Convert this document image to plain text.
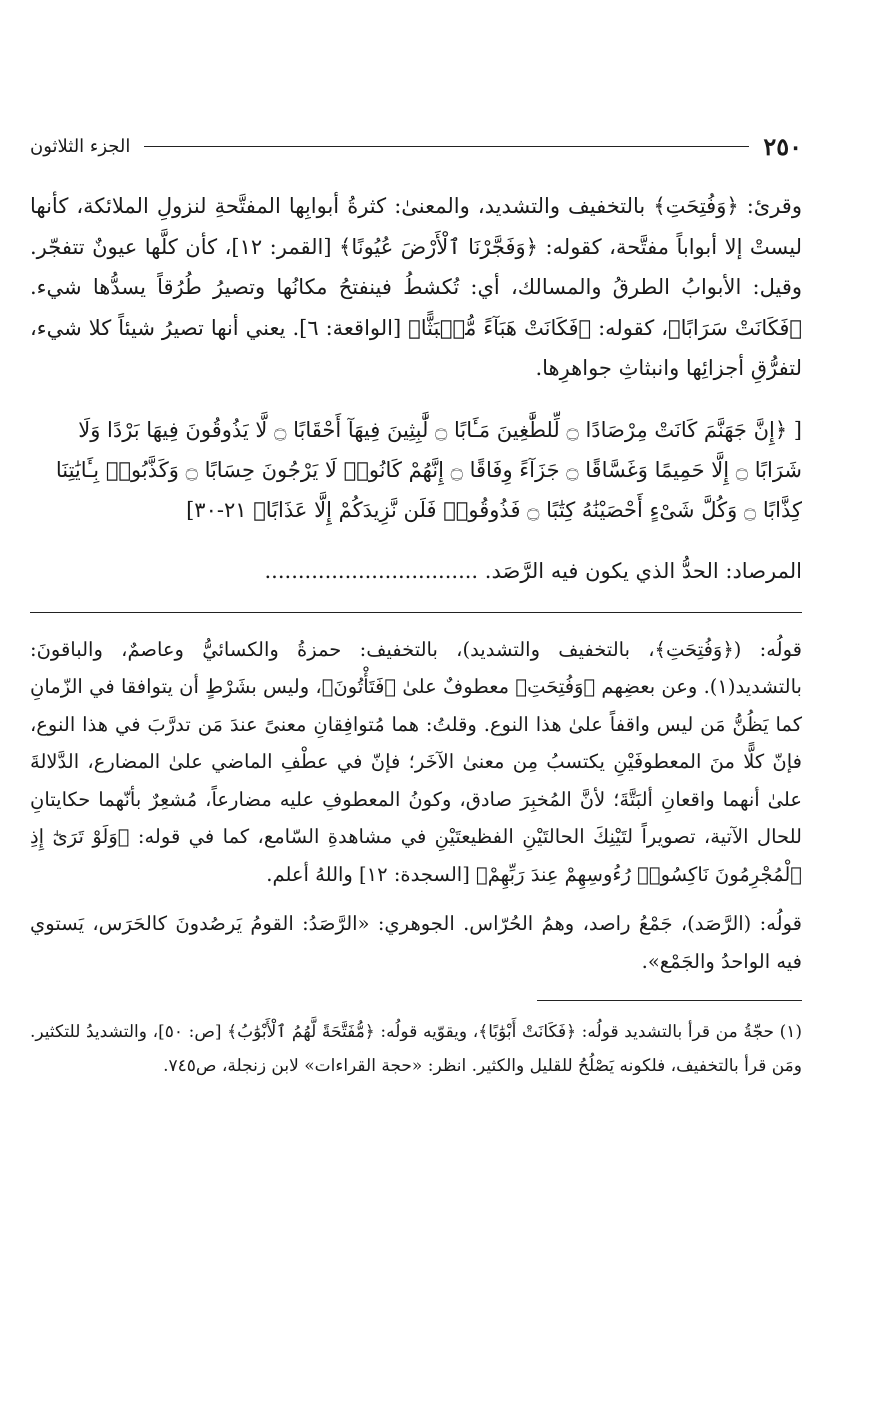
٢٥٠
الجزء الثلاثون

وقرئ: ﴿وَفُتِحَتِ﴾ بالتخفيف والتشديد، والمعنىٰ: كثرةُ أبوابِها المفتَّحةِ لنزولِ الملائكة، كأنها ليستْ إلا أبواباً مفتَّحة، كقوله: ﴿وَفَجَّرْنَا ٱلْأَرْضَ عُيُونًا﴾ [القمر: ١٢]، كأن كلَّها عيونٌ تتفجّر. وقيل: الأبوابُ الطرقُ والمسالك، أي: تُكشطُ فينفتحُ مكانُها وتصيرُ طُرُقاً يسدُّها شيء. ﴿فَكَانَتْ سَرَابًا﴾، كقوله: ﴿فَكَانَتْ هَبَآءً مُّنۢبَثًّا﴾ [الواقعة: ٦]. يعني أنها تصيرُ شيئاً كلا شيء، لتفرُّقِ أجزائِها وانبثاثِ جواهرِها.

[ ﴿إِنَّ جَهَنَّمَ كَانَتْ مِرْصَادًا ۝ لِّلطَّٰغِينَ مَـَٔابًا ۝ لَّٰبِثِينَ فِيهَآ أَحْقَابًا ۝ لَّا يَذُوقُونَ فِيهَا بَرْدًا وَلَا شَرَابًا ۝ إِلَّا حَمِيمًا وَغَسَّاقًا ۝ جَزَآءً وِفَاقًا ۝ إِنَّهُمْ كَانُوا۟ لَا يَرْجُونَ حِسَابًا ۝ وَكَذَّبُوا۟ بِـَٔايَٰتِنَا كِذَّابًا ۝ وَكُلَّ شَىْءٍ أَحْصَيْنَٰهُ كِتَٰبًا ۝ فَذُوقُوا۟ فَلَن نَّزِيدَكُمْ إِلَّا عَذَابًا﴾ ٢١-٣٠]

المرصاد: الحدُّ الذي يكون فيه الرَّصَد. ................................

قولُه: (﴿وَفُتِحَتِ﴾، بالتخفيف والتشديد)، بالتخفيف: حمزةُ والكسائيُّ وعاصمٌ، والباقونَ: بالتشديد(١). وعن بعضِهم ﴿وَفُتِحَتِ﴾ معطوفٌ علىٰ ﴿فَتَأْتُونَ﴾، وليس بشَرْطٍ أن يتوافقا في الزّمانِ كما يَظُنُّ مَن ليس واقفاً علىٰ هذا النوع. وقلتُ: هما مُتوافِقانِ معنىً عندَ مَن تدرَّبَ في هذا النوع، فإنّ كلًّا منَ المعطوفَيْنِ يكتسبُ مِن معنىٰ الآخَر؛ فإنّ في عطْفِ الماضي علىٰ المضارع، الدَّلالةَ علىٰ أنهما واقعانِ ألبَتَّةَ؛ لأنَّ المُخبِرَ صادق، وكونُ المعطوفِ عليه مضارعاً، مُشعِرٌ بأنّهما حكايتانِ للحال الآتية، تصويراً لتَيْنِكَ الحالتَيْنِ الفظيعتَيْنِ في مشاهدةِ السّامع، كما في قوله: ﴿وَلَوْ تَرَىٰٓ إِذِ ٱلْمُجْرِمُونَ نَاكِسُوا۟ رُءُوسِهِمْ عِندَ رَبِّهِمْ﴾ [السجدة: ١٢] واللهُ أعلم.

قولُه: (الرَّصَد)، جَمْعُ راصد، وهمُ الحُرّاس. الجوهري: «الرَّصَدُ: القومُ يَرصُدونَ كالحَرَس، يَستوي فيه الواحدُ والجَمْع».

(١) حجّةُ من قرأ بالتشديد قولُه: ﴿فَكَانَتْ أَبْوَٰبًا﴾، ويقوّيه قولُه: ﴿مُّفَتَّحَةً لَّهُمُ ٱلْأَبْوَٰبُ﴾ [ص: ٥٠]، والتشديدُ للتكثير. ومَن قرأ بالتخفيف، فلكونه يَصْلُحُ للقليل والكثير. انظر: «حجة القراءات» لابن زنجلة، ص٧٤٥.
